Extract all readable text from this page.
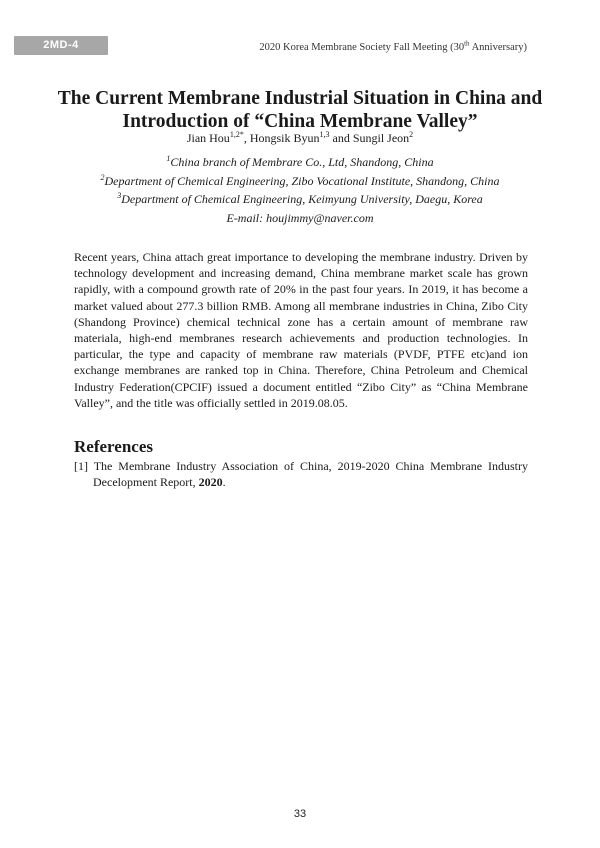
2MD-4	2020 Korea Membrane Society Fall Meeting (30th Anniversary)
The Current Membrane Industrial Situation in China and
Introduction of “China Membrane Valley”
Jian Hou$^{1,2*}$, Hongsik Byun$^{1,3}$ and Sungil Jeon$^2$
$^1$China branch of Membrare Co., Ltd, Shandong, China
$^2$Department of Chemical Engineering, Zibo Vocational Institute, Shandong, China
$^3$Department of Chemical Engineering, Keimyung University, Daegu, Korea
E-mail: houjimmy@naver.com
Recent years, China attach great importance to developing the membrane industry. Driven by technology development and increasing demand, China membrane market scale has grown rapidly, with a compound growth rate of 20% in the past four years. In 2019, it has become a market valued about 277.3 billion RMB. Among all membrane industries in China, Zibo City (Shandong Province) chemical technical zone has a certain amount of membrane raw materiala, high-end membranes research achievements and production technologies. In particular, the type and capacity of membrane raw materials (PVDF, PTFE etc)and ion exchange membranes are ranked top in China. Therefore, China Petroleum and Chemical Industry Federation(CPCIF) issued a document entitled “Zibo City” as “China Membrane Valley”, and the title was officially settled in 2019.08.05.
References
[1] The Membrane Industry Association of China, 2019-2020 China Membrane Industry Decelopment Report, 2020.
33
